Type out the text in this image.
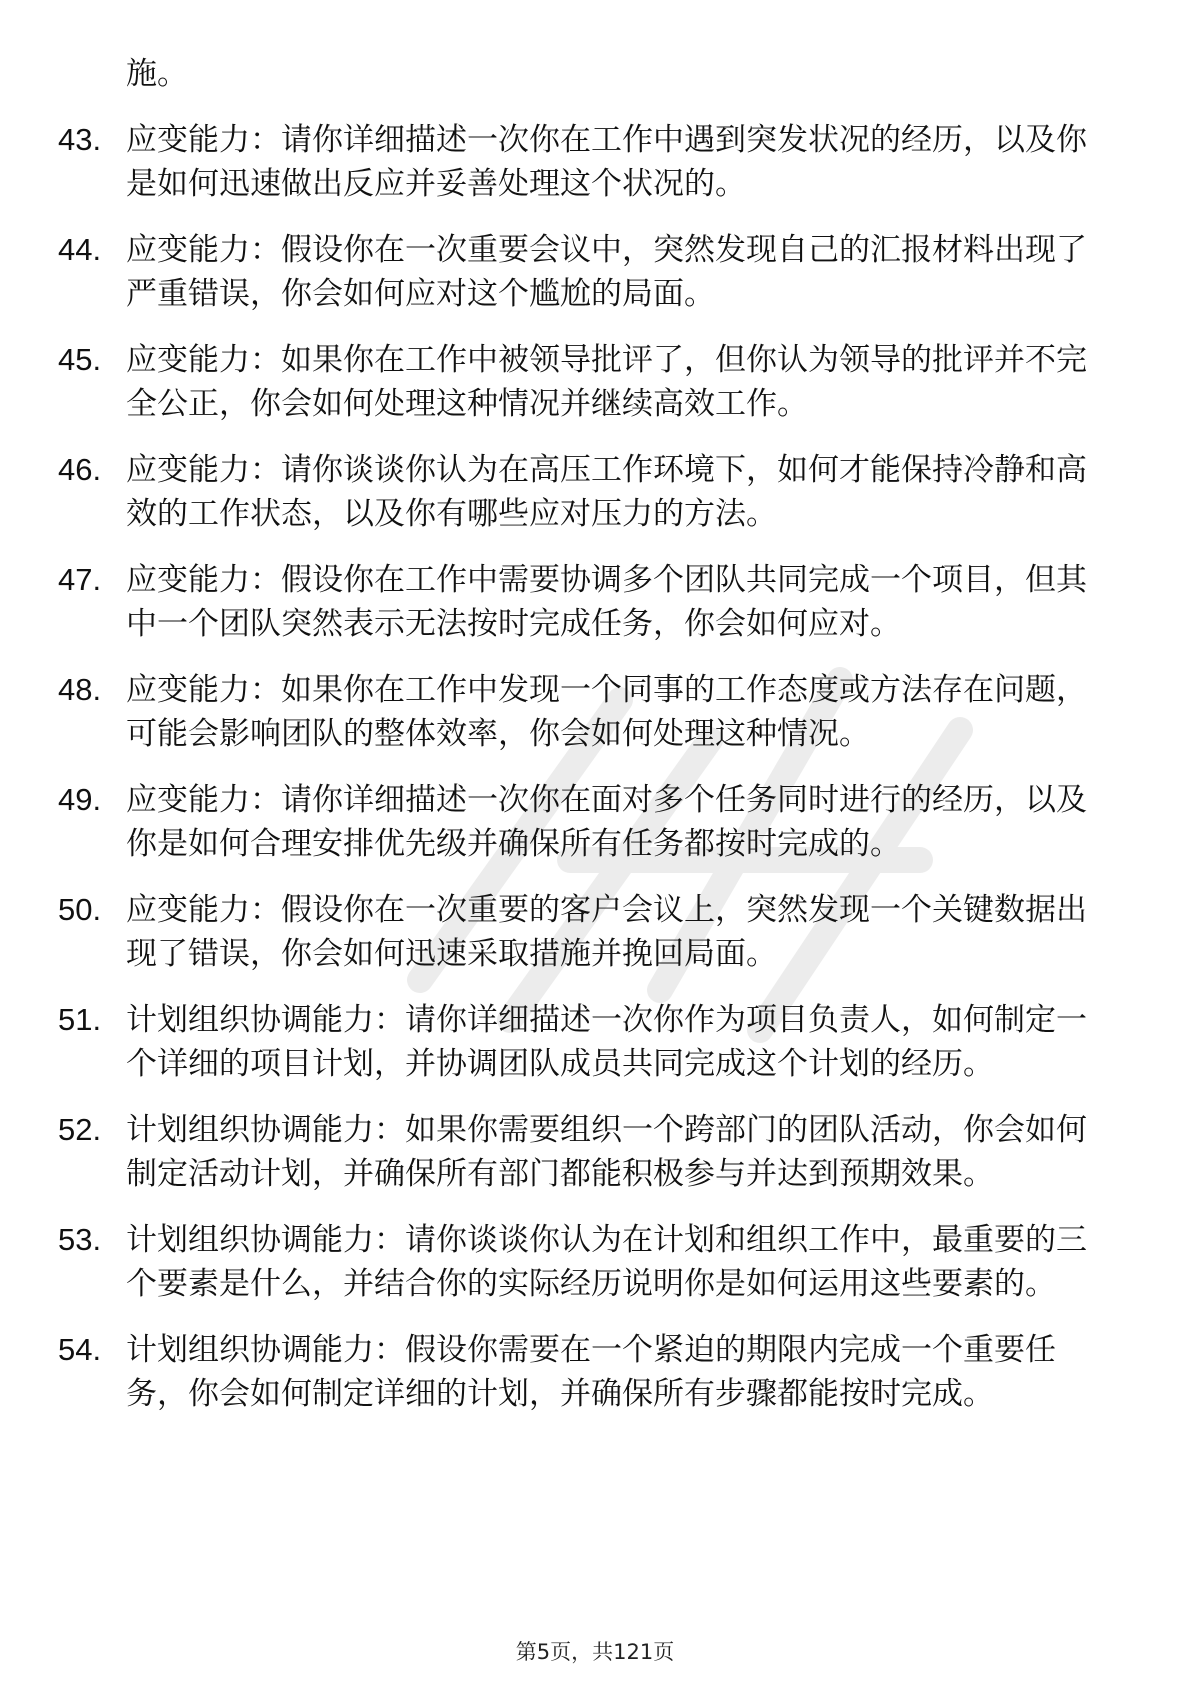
施。

43. 应变能力：请你详细描述一次你在工作中遇到突发状况的经历，以及你是如何迅速做出反应并妥善处理这个状况的。
44. 应变能力：假设你在一次重要会议中，突然发现自己的汇报材料出现了严重错误，你会如何应对这个尴尬的局面。
45. 应变能力：如果你在工作中被领导批评了，但你认为领导的批评并不完全公正，你会如何处理这种情况并继续高效工作。
46. 应变能力：请你谈谈你认为在高压工作环境下，如何才能保持冷静和高效的工作状态，以及你有哪些应对压力的方法。
47. 应变能力：假设你在工作中需要协调多个团队共同完成一个项目，但其中一个团队突然表示无法按时完成任务，你会如何应对。
48. 应变能力：如果你在工作中发现一个同事的工作态度或方法存在问题，可能会影响团队的整体效率，你会如何处理这种情况。
49. 应变能力：请你详细描述一次你在面对多个任务同时进行的经历，以及你是如何合理安排优先级并确保所有任务都按时完成的。
50. 应变能力：假设你在一次重要的客户会议上，突然发现一个关键数据出现了错误，你会如何迅速采取措施并挽回局面。
51. 计划组织协调能力：请你详细描述一次你作为项目负责人，如何制定一个详细的项目计划，并协调团队成员共同完成这个计划的经历。
52. 计划组织协调能力：如果你需要组织一个跨部门的团队活动，你会如何制定活动计划，并确保所有部门都能积极参与并达到预期效果。
53. 计划组织协调能力：请你谈谈你认为在计划和组织工作中，最重要的三个要素是什么，并结合你的实际经历说明你是如何运用这些要素的。
54. 计划组织协调能力：假设你需要在一个紧迫的期限内完成一个重要任务，你会如何制定详细的计划，并确保所有步骤都能按时完成。
第5页，共121页
